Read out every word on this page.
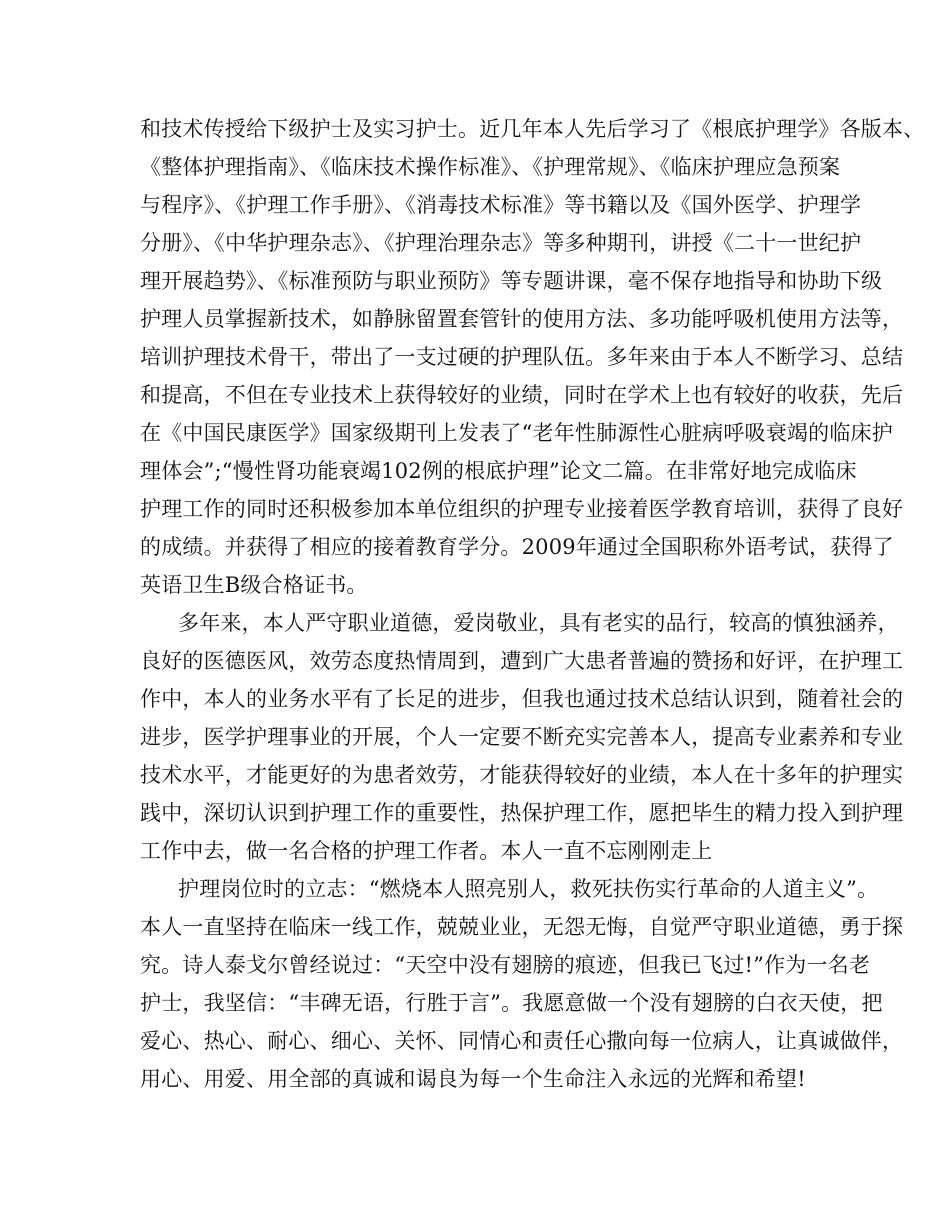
和技术传授给下级护士及实习护士。近几年本人先后学习了《根底护理学》各版本、
《整体护理指南》、《临床技术操作标准》、《护理常规》、《临床护理应急预案
与程序》、《护理工作手册》、《消毒技术标准》等书籍以及《国外医学、护理学
分册》、《中华护理杂志》、《护理治理杂志》等多种期刊，讲授《二十一世纪护
理开展趋势》、《标准预防与职业预防》等专题讲课，毫不保存地指导和协助下级
护理人员掌握新技术，如静脉留置套管针的使用方法、多功能呼吸机使用方法等，
培训护理技术骨干，带出了一支过硬的护理队伍。多年来由于本人不断学习、总结
和提高，不但在专业技术上获得较好的业绩，同时在学术上也有较好的收获，先后
在《中国民康医学》国家级期刊上发表了“老年性肺源性心脏病呼吸衰竭的临床护
理体会”;“慢性肾功能衰竭102例的根底护理”论文二篇。在非常好地完成临床
护理工作的同时还积极参加本单位组织的护理专业接着医学教育培训，获得了良好
的成绩。并获得了相应的接着教育学分。2009年通过全国职称外语考试，获得了
英语卫生B级合格证书。
多年来，本人严守职业道德，爱岗敬业，具有老实的品行，较高的慎独涵养，
良好的医德医风，效劳态度热情周到，遭到广大患者普遍的赞扬和好评，在护理工
作中，本人的业务水平有了长足的进步，但我也通过技术总结认识到，随着社会的
进步，医学护理事业的开展，个人一定要不断充实完善本人，提高专业素养和专业
技术水平，才能更好的为患者效劳，才能获得较好的业绩，本人在十多年的护理实
践中，深切认识到护理工作的重要性，热保护理工作，愿把毕生的精力投入到护理
工作中去，做一名合格的护理工作者。本人一直不忘刚刚走上
护理岗位时的立志：“燃烧本人照亮别人，救死扶伤实行革命的人道主义”。
本人一直坚持在临床一线工作，兢兢业业，无怨无悔，自觉严守职业道德，勇于探
究。诗人泰戈尔曾经说过：“天空中没有翅膀的痕迹，但我已飞过!”作为一名老
护士，我坚信：“丰碑无语，行胜于言”。我愿意做一个没有翅膀的白衣天使，把
爱心、热心、耐心、细心、关怀、同情心和责任心撒向每一位病人，让真诚做伴，
用心、用爱、用全部的真诚和谒良为每一个生命注入永远的光辉和希望!
